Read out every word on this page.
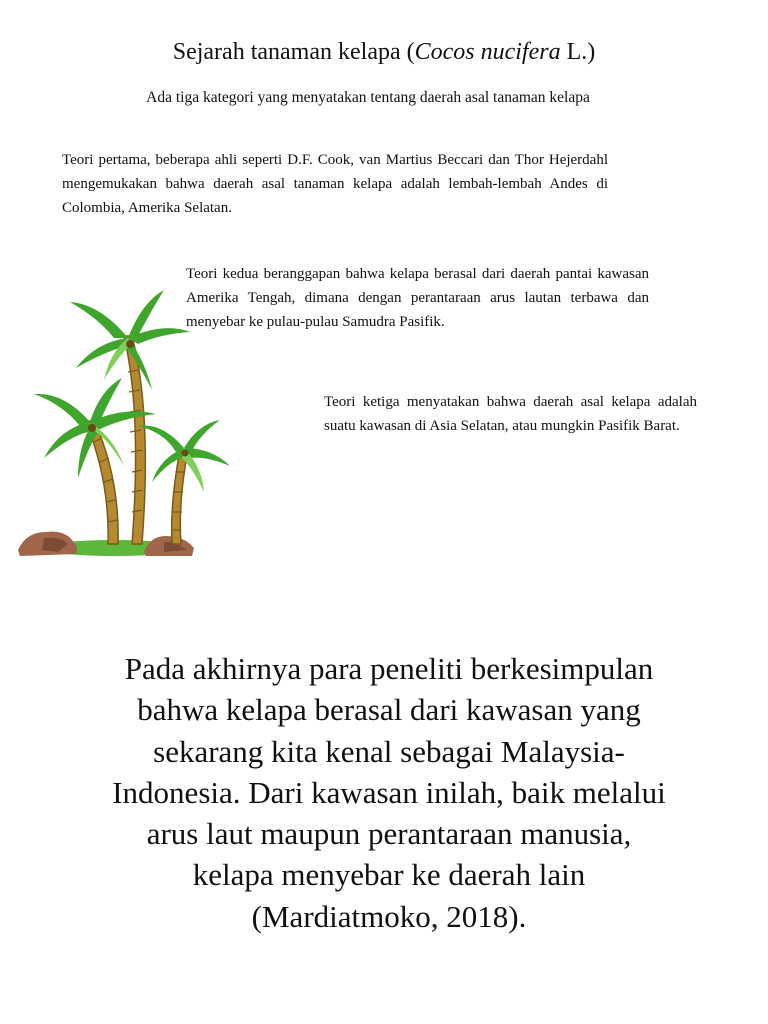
Sejarah tanaman kelapa (Cocos nucifera L.)
Ada tiga kategori yang menyatakan tentang daerah asal tanaman kelapa

Teori pertama, beberapa ahli seperti D.F. Cook, van Martius Beccari dan Thor Hejerdahl mengemukakan bahwa daerah asal tanaman kelapa adalah lembah-lembah Andes di Colombia, Amerika Selatan.

Teori kedua beranggapan bahwa kelapa berasal dari daerah pantai kawasan Amerika Tengah, dimana dengan perantaraan arus lautan terbawa dan menyebar ke pulau-pulau Samudra Pasifik.

Teori ketiga menyatakan bahwa daerah asal kelapa adalah suatu kawasan di Asia Selatan, atau mungkin Pasifik Barat.

Pada akhirnya para peneliti berkesimpulan bahwa kelapa berasal dari kawasan yang sekarang kita kenal sebagai Malaysia-Indonesia. Dari kawasan inilah, baik melalui arus laut maupun perantaraan manusia, kelapa menyebar ke daerah lain (Mardiatmoko, 2018).
